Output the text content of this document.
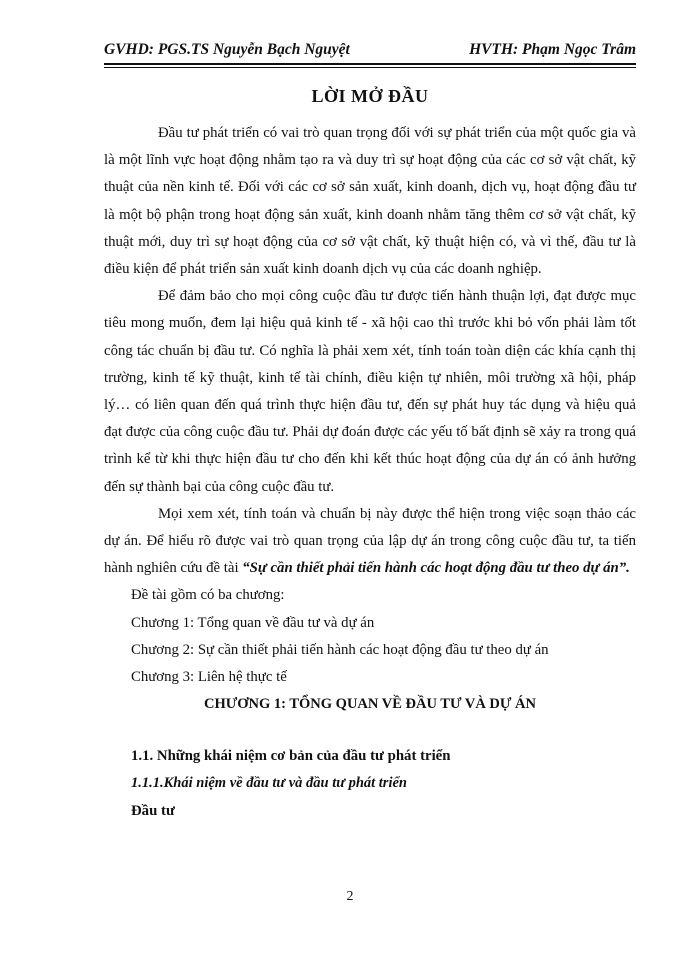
GVHD: PGS.TS Nguyễn Bạch Nguyệt	HVTH: Phạm Ngọc Trâm
LỜI MỞ ĐẦU

Đầu tư phát triển có vai trò quan trọng đối với sự phát triển của một quốc gia và là một lĩnh vực hoạt động nhằm tạo ra và duy trì sự hoạt động của các cơ sở vật chất, kỹ thuật của nền kinh tế. Đối với các cơ sở sản xuất, kinh doanh, dịch vụ, hoạt động đầu tư là một bộ phận trong hoạt động sản xuất, kinh doanh nhằm tăng thêm cơ sở vật chất, kỹ thuật mới, duy trì sự hoạt động của cơ sở vật chất, kỹ thuật hiện có, và vì thế, đầu tư là điều kiện để phát triển sản xuất kinh doanh dịch vụ của các doanh nghiệp.

Để đảm bảo cho mọi công cuộc đầu tư được tiến hành thuận lợi, đạt được mục tiêu mong muốn, đem lại hiệu quả kinh tế - xã hội cao thì trước khi bỏ vốn phải làm tốt công tác chuẩn bị đầu tư. Có nghĩa là phải xem xét, tính toán toàn diện các khía cạnh thị trường, kinh tế kỹ thuật, kinh tế tài chính, điều kiện tự nhiên, môi trường xã hội, pháp lý… có liên quan đến quá trình thực hiện đầu tư, đến sự phát huy tác dụng và hiệu quả đạt được của công cuộc đầu tư. Phải dự đoán được các yếu tố bất định sẽ xảy ra trong quá trình kể từ khi thực hiện đầu tư cho đến khi kết thúc hoạt động của dự án có ảnh hưởng đến sự thành bại của công cuộc đầu tư.

Mọi xem xét, tính toán và chuẩn bị này được thể hiện trong việc soạn thảo các dự án. Để hiểu rõ được vai trò quan trọng của lập dự án trong công cuộc đầu tư, ta tiến hành nghiên cứu đề tài “Sự cần thiết phải tiến hành các hoạt động đầu tư theo dự án”.

Đề tài gồm có ba chương:

Chương 1: Tổng quan về đầu tư và dự án

Chương 2: Sự cần thiết phải tiến hành các hoạt động đầu tư theo dự án

Chương 3: Liên hệ thực tế

CHƯƠNG 1: TỔNG QUAN VỀ ĐẦU TƯ VÀ DỰ ÁN
1.1. Những khái niệm cơ bản của đầu tư phát triển
1.1.1.Khái niệm về đầu tư và đầu tư phát triển
Đầu tư
2
